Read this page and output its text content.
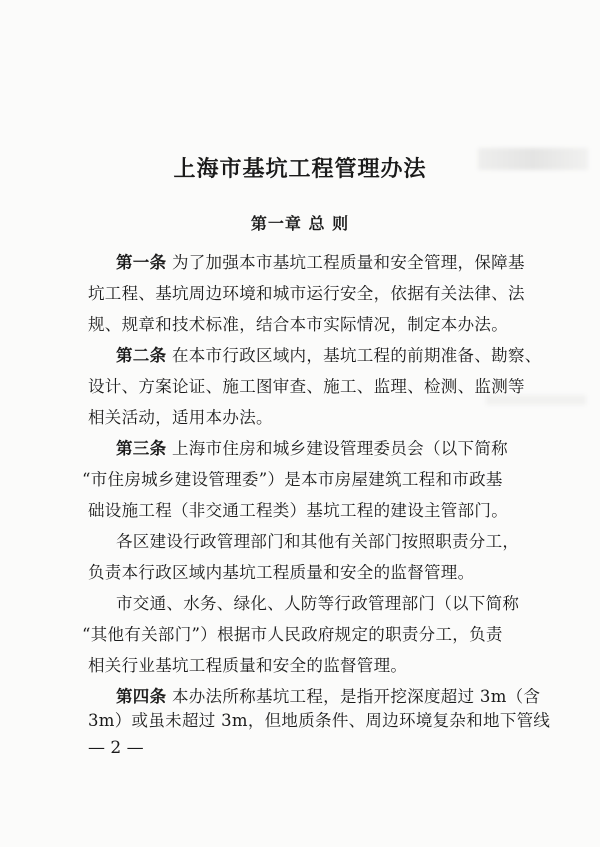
上海市基坑工程管理办法
第一章 总 则
第一条 为了加强本市基坑工程质量和安全管理，保障基
坑工程、基坑周边环境和城市运行安全，依据有关法律、法
规、规章和技术标准，结合本市实际情况，制定本办法。
第二条 在本市行政区域内，基坑工程的前期准备、勘察、
设计、方案论证、施工图审查、施工、监理、检测、监测等
相关活动，适用本办法。
第三条 上海市住房和城乡建设管理委员会（以下简称
“市住房城乡建设管理委”）是本市房屋建筑工程和市政基
础设施工程（非交通工程类）基坑工程的建设主管部门。
各区建设行政管理部门和其他有关部门按照职责分工，
负责本行政区域内基坑工程质量和安全的监督管理。
市交通、水务、绿化、人防等行政管理部门（以下简称
“其他有关部门”）根据市人民政府规定的职责分工，负责
相关行业基坑工程质量和安全的监督管理。
第四条 本办法所称基坑工程，是指开挖深度超过 3m（含
3m）或虽未超过 3m，但地质条件、周边环境复杂和地下管线
— 2 —
